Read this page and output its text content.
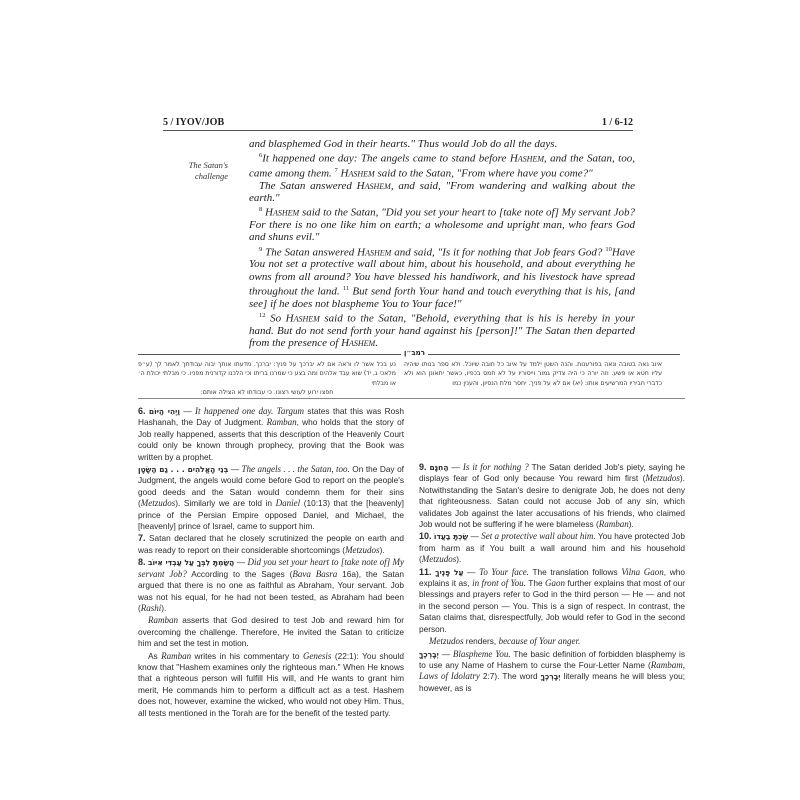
5 / IYOV/JOB	1 / 6-12
The Satan's
challenge

and blasphemed God in their hearts." Thus would Job do all the days.

$^6$It happened one day: The angels came to stand before Hashem, and the Satan, too, came among them. $^7$ Hashem said to the Satan, "From where have you come?"

The Satan answered Hashem, and said, "From wandering and walking about the earth."

$^8$ Hashem said to the Satan, "Did you set your heart to [take note of] My servant Job? For there is no one like him on earth; a wholesome and upright man, who fears God and shuns evil."

$^9$ The Satan answered Hashem and said, "Is it for nothing that Job fears God? $^{10}$Have You not set a protective wall about him, about his household, and about everything he owns from all around? You have blessed his handiwork, and his livestock have spread throughout the land. $^{11}$ But send forth Your hand and touch everything that is his, [and see] if he does not blaspheme You to Your face!"

$^{12}$ So Hashem said to the Satan, "Behold, everything that is his is hereby in your hand. But do not send forth your hand against his [person]!" The Satan then departed from the presence of Hashem.

רמב״ן
איוב נאה בטובה ונאה בפורענות. והנה השטן ילמד על איוב כל חובה שיוכל. ולא ספר בנותו שיהיה עליו חטא או פשע. וזה יורה כי היה צדיק גמור וייסוריו על לא חמס בכפיו, כאשר יתאונן הוא ולא כדברי חביריו המרשיעים אותו: (יא) אם לא על פניך. יחסר מלת הנסיון, והענין כמו
נע בכל אשר לו וראה אם לא יברכך על פניך: יברכך. מדעתו אותך יבוה עבודתך לאמר לך (ע״פ מלאכי ג, יד) שוא עבד אלהים ומה בצע כי שמרנו בריתו וכי הלכנו קדורנית מפניו. כי מבלתי יכולת ה׳ או מבלתי
חפצו ירוע לעושי רצונו. כי עבודתו לא הצילה אותם:

6. וַיְהִי הַיּוֹם — It happened one day. Targum states that this was Rosh Hashanah, the Day of Judgment. Ramban, who holds that the story of Job really happened, asserts that this description of the Heavenly Court could only be known through prophecy, proving that the Book was written by a prophet.

בְּנֵי הָאֱלֹהִים . . . גַם הַשָּׂטָן — The angels . . . the Satan, too. On the Day of Judgment, the angels would come before God to report on the people's good deeds and the Satan would condemn them for their sins (Metzudos). Similarly we are told in Daniel (10:13) that the [heavenly] prince of the Persian Empire opposed Daniel, and Michael, the [heavenly] prince of Israel, came to support him.

7. Satan declared that he closely scrutinized the people on earth and was ready to report on their considerable shortcomings (Metzudos).

8. הֲשַׂמְתָּ לִבְּךָ עַל עַבְדִּי אִיּוֹב — Did you set your heart to [take note of] My servant Job? According to the Sages (Bava Basra 16a), the Satan argued that there is no one as faithful as Abraham, Your servant. Job was not his equal, for he had not been tested, as Abraham had been (Rashi).

Ramban asserts that God desired to test Job and reward him for overcoming the challenge. Therefore, He invited the Satan to criticize him and set the test in motion.

As Ramban writes in his commentary to Genesis (22:1): You should know that "Hashem examines only the righteous man." When He knows that a righteous person will fulfill His will, and He wants to grant him merit, He commands him to perform a difficult act as a test. Hashem does not, however, examine the wicked, who would not obey Him. Thus, all tests mentioned in the Torah are for the benefit of the tested party.

9. הַחִנָּם — Is it for nothing ? The Satan derided Job's piety, saying he displays fear of God only because You reward him first (Metzudos). Notwithstanding the Satan's desire to denigrate Job, he does not deny that righteousness. Satan could not accuse Job of any sin, which validates Job against the later accusations of his friends, who claimed Job would not be suffering if he were blameless (Ramban).

10. שַׂכְתָּ בַעֲדוֹ — Set a protective wall about him. You have protected Job from harm as if You built a wall around him and his household (Metzudos).

11. עַל פָּנֶיךָ — To Your face. The translation follows Vilna Gaon, who explains it as, in front of You. The Gaon further explains that most of our blessings and prayers refer to God in the third person — He — and not in the second person — You. This is a sign of respect. In contrast, the Satan claims that, disrespectfully, Job would refer to God in the second person.

Metzudos renders, because of Your anger.

יְבָרְכֶךָּ — Blaspheme You. The basic definition of forbidden blasphemy is to use any Name of Hashem to curse the Four-Letter Name (Rambam, Laws of Idolatry 2:7). The word יְבָרְכֶךָּ literally means he will bless you; however, as is
